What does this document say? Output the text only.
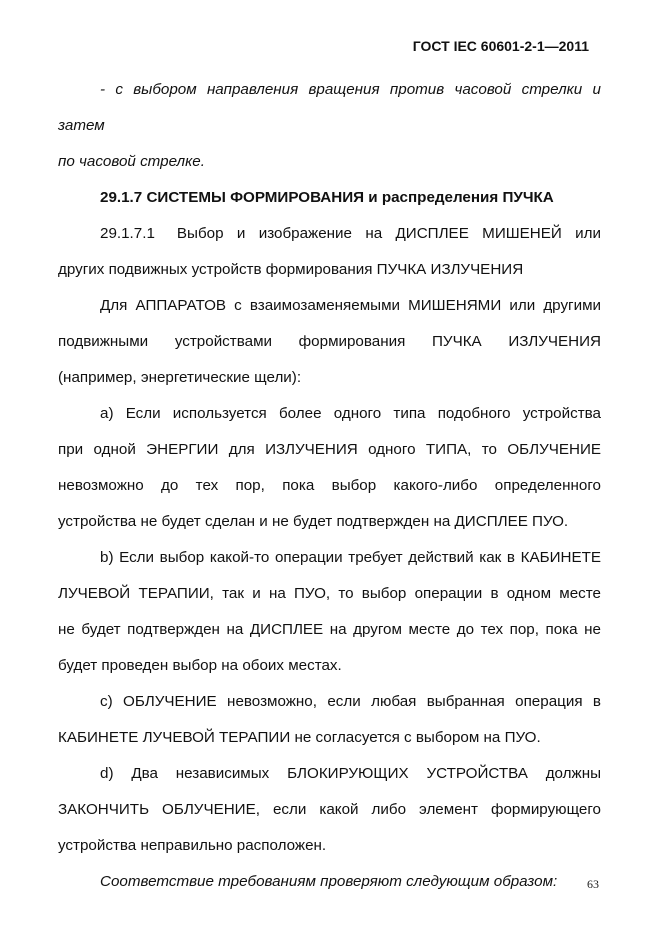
ГОСТ IEC 60601-2-1—2011

- с выбором направления вращения против часовой стрелки и затем
по часовой стрелке.

29.1.7 СИСТЕМЫ ФОРМИРОВАНИЯ и распределения ПУЧКА

29.1.7.1 Выбор и изображение на ДИСПЛЕЕ МИШЕНЕЙ или
других подвижных устройств формирования ПУЧКА ИЗЛУЧЕНИЯ

Для АППАРАТОВ с взаимозаменяемыми МИШЕНЯМИ или другими
подвижными устройствами формирования ПУЧКА ИЗЛУЧЕНИЯ
(например, энергетические щели):

a) Если используется более одного типа подобного устройства
при одной ЭНЕРГИИ для ИЗЛУЧЕНИЯ одного ТИПА, то ОБЛУЧЕНИЕ
невозможно до тех пор, пока выбор какого-либо определенного
устройства не будет сделан и не будет подтвержден на ДИСПЛЕЕ ПУО.

b) Если выбор какой-то операции требует действий как в КАБИНЕТЕ
ЛУЧЕВОЙ ТЕРАПИИ, так и на ПУО, то выбор операции в одном месте
не будет подтвержден на ДИСПЛЕЕ на другом месте до тех пор, пока не
будет проведен выбор на обоих местах.

c) ОБЛУЧЕНИЕ невозможно, если любая выбранная операция в
КАБИНЕТЕ ЛУЧЕВОЙ ТЕРАПИИ не согласуется с выбором на ПУО.

d) Два независимых БЛОКИРУЮЩИХ УСТРОЙСТВА должны
ЗАКОНЧИТЬ ОБЛУЧЕНИЕ, если какой либо элемент формирующего
устройства неправильно расположен.

Соответствие требованиям проверяют следующим образом:	63
